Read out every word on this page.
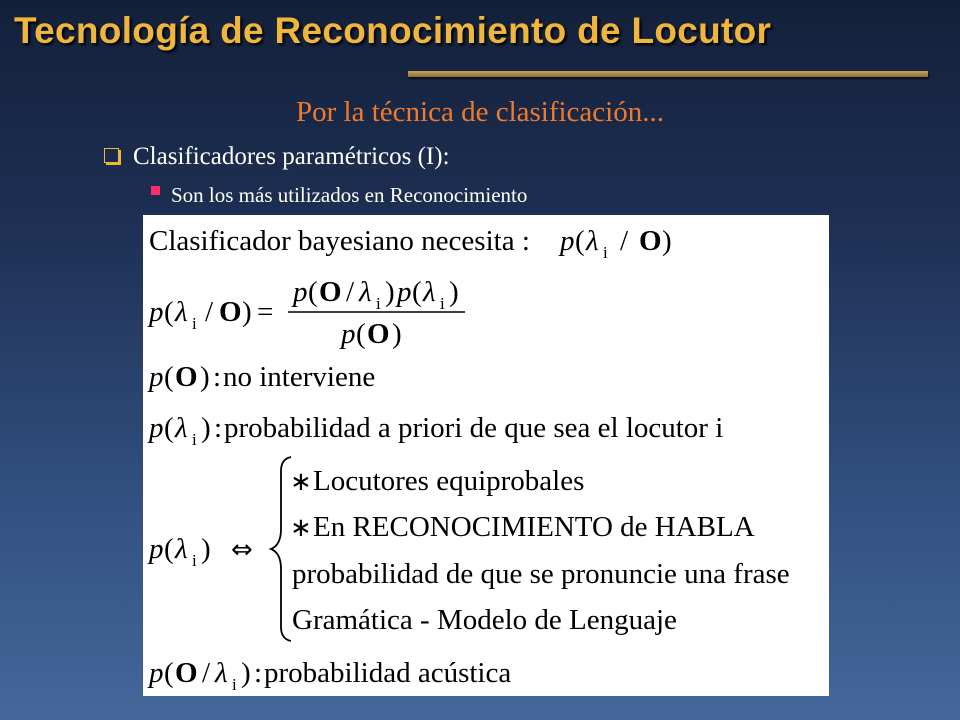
Tecnología de Reconocimiento de Locutor
Por la técnica de clasificación...
Clasificadores paramétricos (I):
Son los más utilizados en Reconocimiento
Clasificador bayesiano necesita : p ( λ i / O )
p ( λ i / O ) =
p ( O / λ i ) p ( λ i )
p ( O )
p ( O ) : no interviene
p ( λ i ) : probabilidad a priori de que sea el locutor i
p ( λ i ) ⇔
∗ Locutores equiprobales
∗ En RECONOCIMIENTO de HABLA
probabilidad de que se pronuncie una frase
Gramática - Modelo de Lenguaje
p ( O / λ i ) : probabilidad acústica
